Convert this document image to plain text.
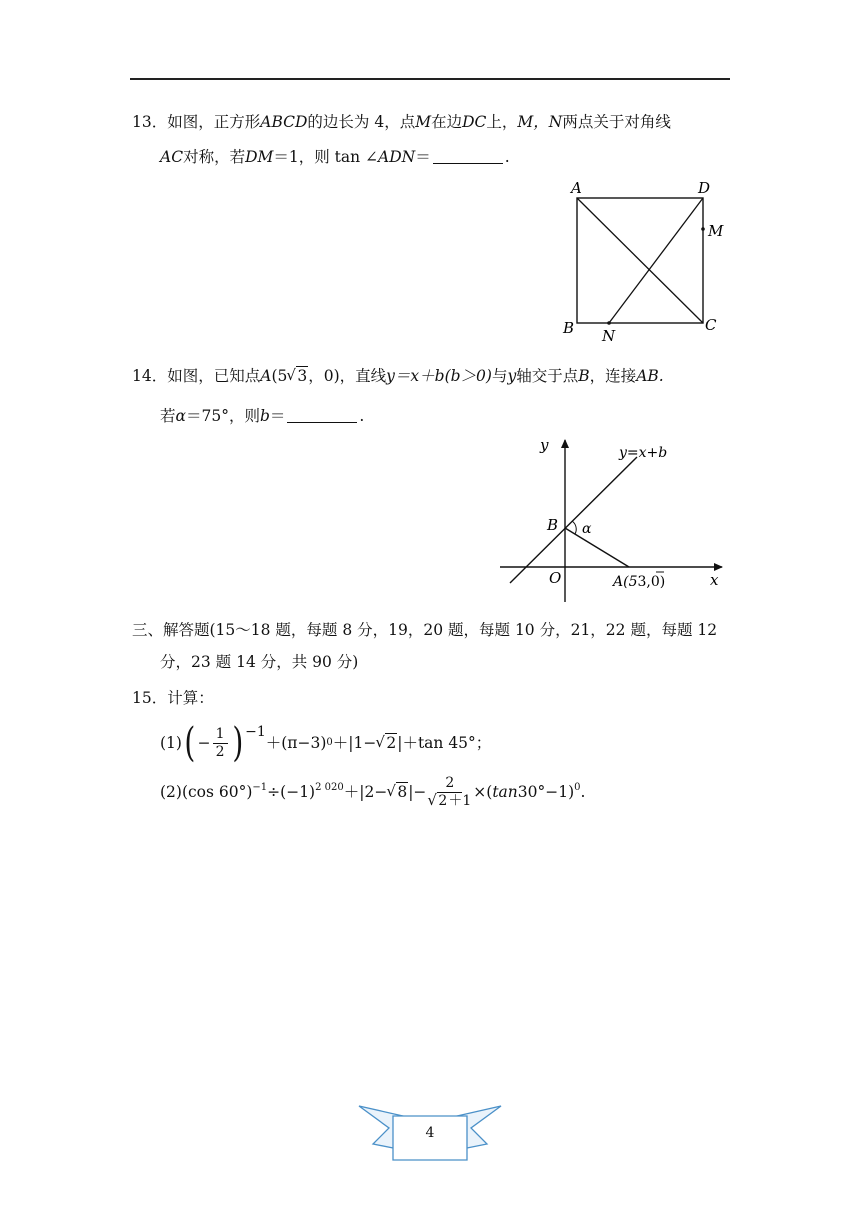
13．如图，正方形ABCD的边长为 4，点M在边DC上，M，N两点关于对角线
AC对称，若DM＝1，则 tan ∠ADN＝	.
A	D
M
B	C
N
14．如图，已知点A(5 √ 3，0)，直线y＝x＋b(b＞0)与y轴交于点B，连接AB.
若α＝75°，则b＝	.
y
x
y=x+b
B
O
α
A(53,0)
三、解答题(15～18 题，每题 8 分，19，20 题，每题 10 分，21，22 题，每题 12
分，23 题 14 分，共 90 分)
15．计算：
(1) ( − $\frac{1}{2}$ ) −1
＋(π−3) 0 ＋|1− √ 2 |＋tan 45°；
(2)(cos $60^\circ)^{-1} \div(-1)^{2 020} +|2-$ √ 8 |− 2
√ 2＋1 ×( tan 30°−1)$^0$ .
4
